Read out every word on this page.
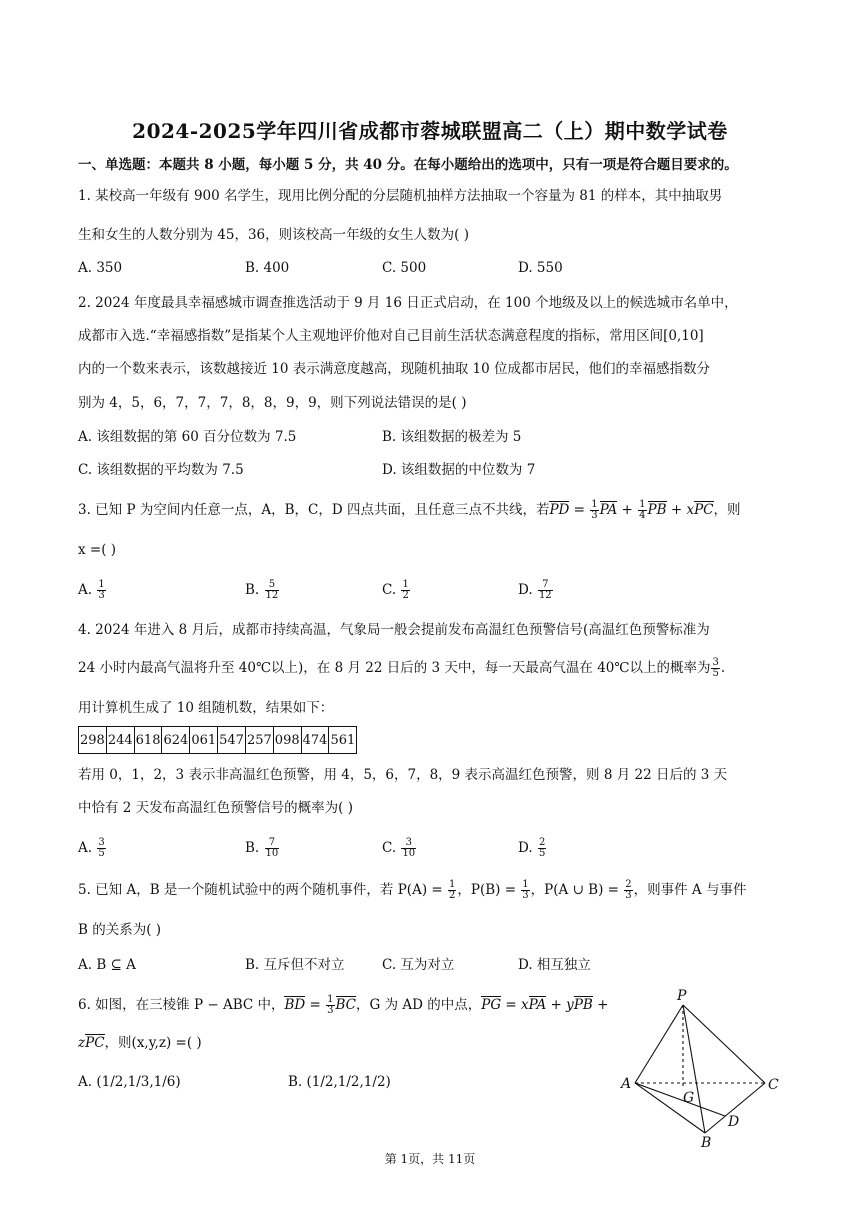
2024-2025学年四川省成都市蓉城联盟高二（上）期中数学试卷
一、单选题：本题共 8 小题，每小题 5 分，共 40 分。在每小题给出的选项中，只有一项是符合题目要求的。
1. 某校高一年级有 900 名学生，现用比例分配的分层随机抽样方法抽取一个容量为 81 的样本，其中抽取男
生和女生的人数分别为 45，36，则该校高一年级的女生人数为( )
A. 350	B. 400	C. 500	D. 550
2. 2024 年度最具幸福感城市调查推选活动于 9 月 16 日正式启动，在 100 个地级及以上的候选城市名单中，
成都市入选.“幸福感指数”是指某个人主观地评价他对自己目前生活状态满意程度的指标，常用区间[0,10]
内的一个数来表示，该数越接近 10 表示满意度越高，现随机抽取 10 位成都市居民，他们的幸福感指数分
别为 4，5，6，7，7，7，8，8，9，9，则下列说法错误的是( )
A. 该组数据的第 60 百分位数为 7.5	B. 该组数据的极差为 5
C. 该组数据的平均数为 7.5	D. 该组数据的中位数为 7
3. 已知 P 为空间内任意一点，A，B，C，D 四点共面，且任意三点不共线，若PD = $\frac{1}{3}$ PA + $\frac{1}{4}$ PB + xPC，则
x =( )
A. $\frac{1}{3}$	B. $\frac{5}{12}$	C. $\frac{1}{2}$	D. $\frac{7}{12}$
4. 2024 年进入 8 月后，成都市持续高温，气象局一般会提前发布高温红色预警信号(高温红色预警标准为
24 小时内最高气温将升至 40℃以上)，在 8 月 22 日后的 3 天中，每一天最高气温在 40℃以上的概率为 $\frac{3}{5}$ .
用计算机生成了 10 组随机数，结果如下：
298	244	618	624	061	547	257	098	474	561
若用 0，1，2，3 表示非高温红色预警，用 4，5，6，7，8，9 表示高温红色预警，则 8 月 22 日后的 3 天
中恰有 2 天发布高温红色预警信号的概率为( )
A. $\frac{3}{5}$	B. $\frac{7}{10}$	C. $\frac{3}{10}$	D. $\frac{2}{5}$
5. 已知 A，B 是一个随机试验中的两个随机事件，若 $P(A) = \frac{1}{2}$ ，$P(B) = \frac{1}{3}$ ，P(A ∪ $B) = \frac{2}{3}$ ，则事件 A 与事件
B 的关系为( )
A. B ⊆ A	B. 互斥但不对立	C. 互为对立	D. 相互独立
6. 如图，在三棱锥 P − ABC 中，BD = $\frac{1}{3}$ BC，G 为 AD 的中点，PG = xPA + yPB +
zPC，则(x,y,z) =( )
A. (1/2,1/3,1/6)	B. (1/2,1/2,1/2)
P
A	C
B
D
G
第 1页，共 11页
